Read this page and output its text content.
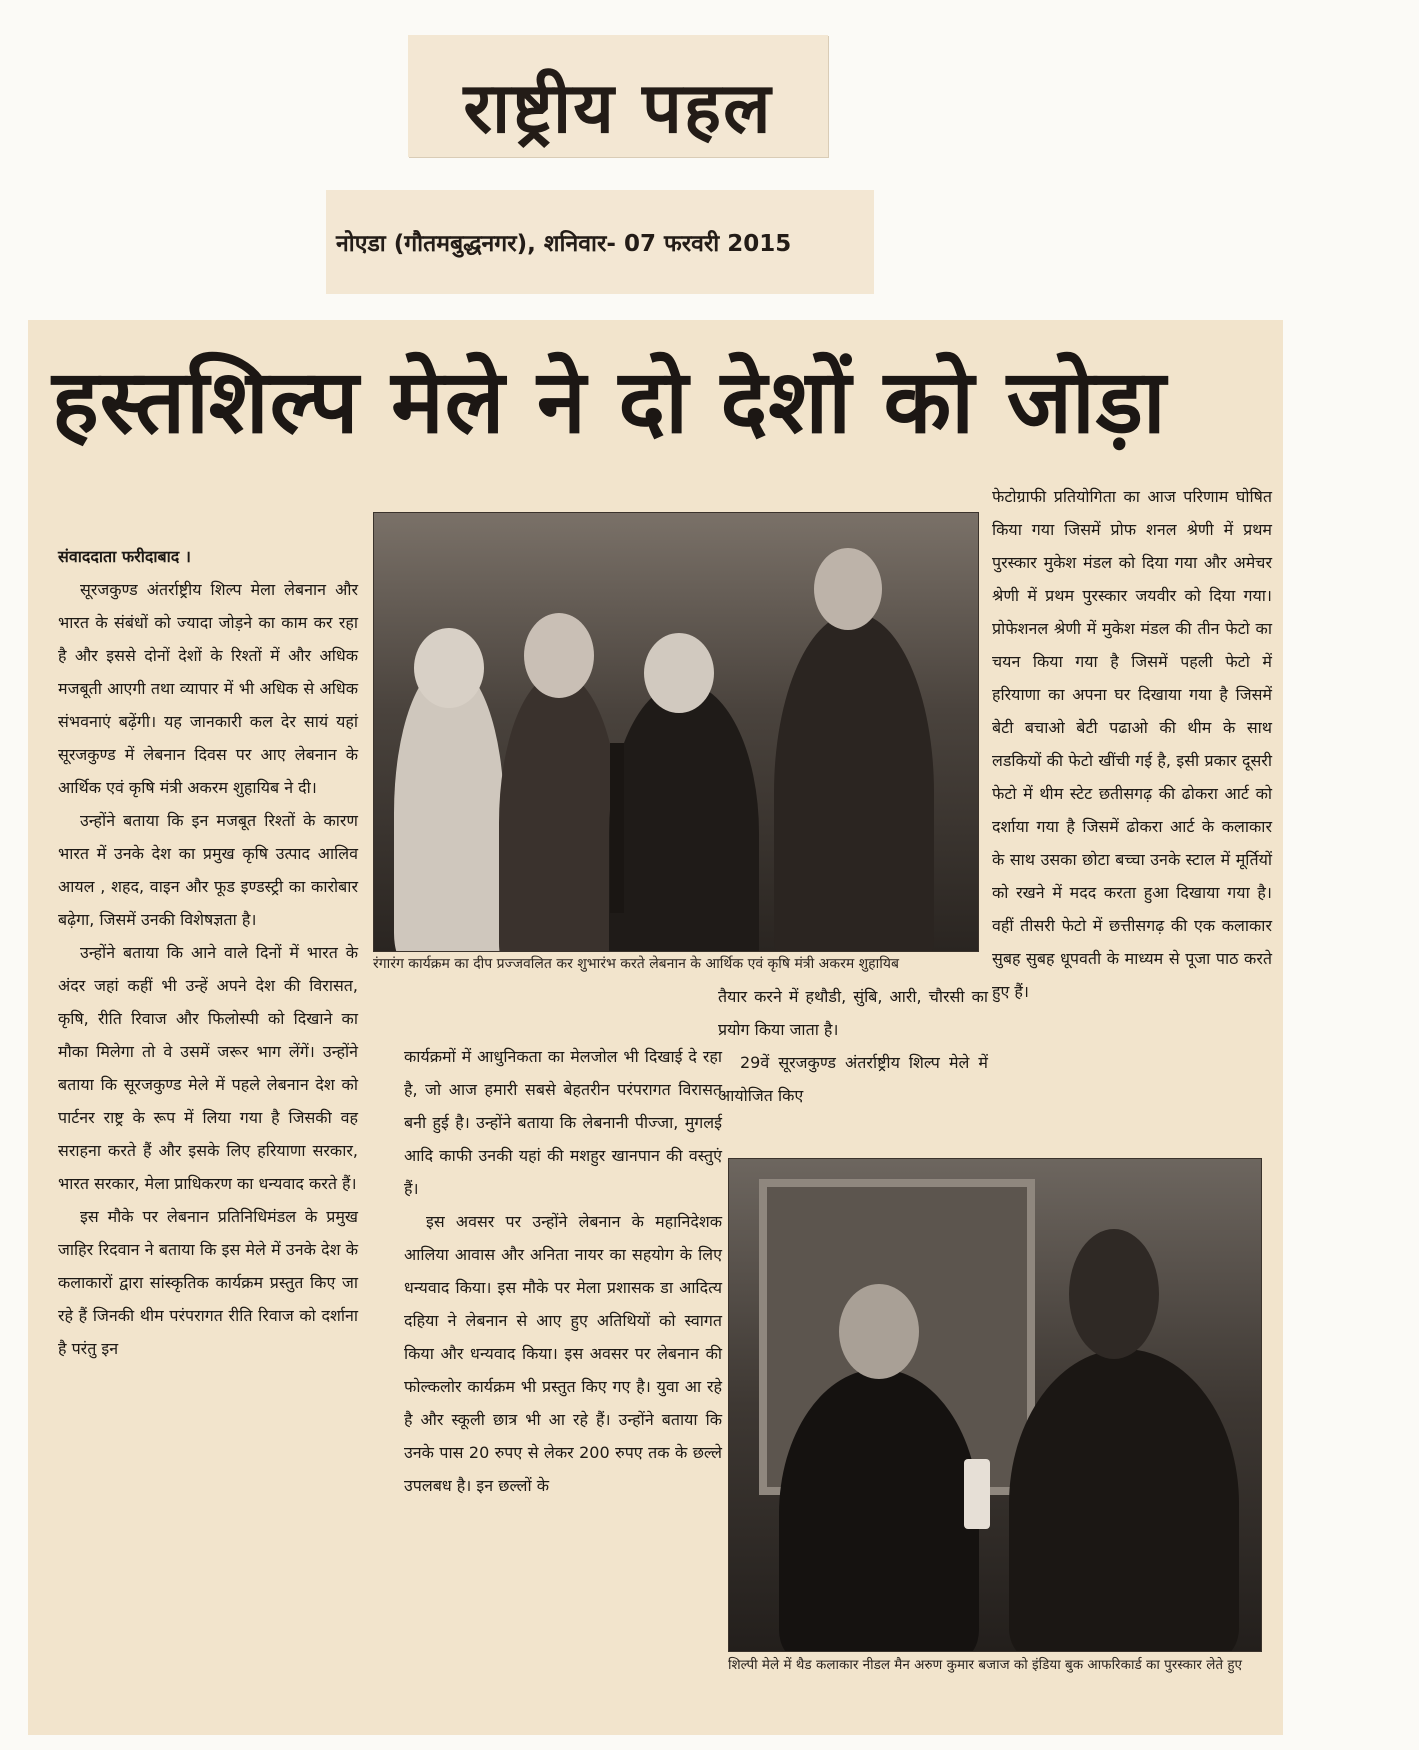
राष्ट्रीय पहल
नोएडा (गौतमबुद्धनगर), शनिवार- 07 फरवरी 2015
हस्तशिल्प मेले ने दो देशों को जोड़ा

संवाददाता फरीदाबाद ।

सूरजकुण्ड अंतर्राष्ट्रीय शिल्प मेला लेबनान और भारत के संबंधों को ज्यादा जोड़ने का काम कर रहा है और इससे दोनों देशों के रिश्तों में और अधिक मजबूती आएगी तथा व्यापार में भी अधिक से अधिक संभवनाएं बढ़ेंगी। यह जानकारी कल देर सायं यहां सूरजकुण्ड में लेबनान दिवस पर आए लेबनान के आर्थिक एवं कृषि मंत्री अकरम शुहायिब ने दी।

उन्होंने बताया कि इन मजबूत रिश्तों के कारण भारत में उनके देश का प्रमुख कृषि उत्पाद आलिव आयल , शहद, वाइन और फूड इण्डस्ट्री का कारोबार बढ़ेगा, जिसमें उनकी विशेषज्ञता है।

उन्होंने बताया कि आने वाले दिनों में भारत के अंदर जहां कहीं भी उन्हें अपने देश की विरासत, कृषि, रीति रिवाज और फिलोस्पी को दिखाने का मौका मिलेगा तो वे उसमें जरूर भाग लेंगें। उन्होंने बताया कि सूरजकुण्ड मेले में पहले लेबनान देश को पार्टनर राष्ट्र के रूप में लिया गया है जिसकी वह सराहना करते हैं और इसके लिए हरियाणा सरकार, भारत सरकार, मेला प्राधिकरण का धन्यवाद करते हैं।

इस मौके पर लेबनान प्रतिनिधिमंडल के प्रमुख जाहिर रिदवान ने बताया कि इस मेले में उनके देश के कलाकारों द्वारा सांस्कृतिक कार्यक्रम प्रस्तुत किए जा रहे हैं जिनकी थीम परंपरागत रीति रिवाज को दर्शाना है परंतु इन

रंगारंग कार्यक्रम का दीप प्रज्जवलित कर शुभारंभ करते लेबनान के आर्थिक एवं कृषि मंत्री अकरम शुहायिब

कार्यक्रमों में आधुनिकता का मेलजोल भी दिखाई दे रहा है, जो आज हमारी सबसे बेहतरीन परंपरागत विरासत बनी हुई है। उन्होंने बताया कि लेबनानी पीज्जा, मुगलई आदि काफी उनकी यहां की मशहुर खानपान की वस्तुएं हैं।

इस अवसर पर उन्होंने लेबनान के महानिदेशक आलिया आवास और अनिता नायर का सहयोग के लिए धन्यवाद किया। इस मौके पर मेला प्रशासक डा आदित्य दहिया ने लेबनान से आए हुए अतिथियों को स्वागत किया और धन्यवाद किया। इस अवसर पर लेबनान की फोल्कलोर कार्यक्रम भी प्रस्तुत किए गए है। युवा आ रहे है और स्कूली छात्र भी आ रहे हैं। उन्होंने बताया कि उनके पास 20 रुपए से लेकर 200 रुपए तक के छल्ले उपलबध है। इन छल्लों के

तैयार करने में हथौडी, सुंबि, आरी, चौरसी का प्रयोग किया जाता है।

29वें सूरजकुण्ड अंतर्राष्ट्रीय शिल्प मेले में आयोजित किए

फेटोग्राफी प्रतियोगिता का आज परिणाम घोषित किया गया जिसमें प्रोफ शनल श्रेणी में प्रथम पुरस्कार मुकेश मंडल को दिया गया और अमेचर श्रेणी में प्रथम पुरस्कार जयवीर को दिया गया। प्रोफेशनल श्रेणी में मुकेश मंडल की तीन फेटो का चयन किया गया है जिसमें पहली फेटो में हरियाणा का अपना घर दिखाया गया है जिसमें बेटी बचाओ बेटी पढाओ की थीम के साथ लडकियों की फेटो खींची गई है, इसी प्रकार दूसरी फेटो में थीम स्टेट छतीसगढ़ की ढोकरा आर्ट को दर्शाया गया है जिसमें ढोकरा आर्ट के कलाकार के साथ उसका छोटा बच्चा उनके स्टाल में मूर्तियों को रखने में मदद करता हुआ दिखाया गया है। वहीं तीसरी फेटो में छत्तीसगढ़ की एक कलाकार सुबह सुबह धूपवती के माध्यम से पूजा पाठ करते हुए हैं।

शिल्पी मेले में थैड कलाकार नीडल मैन अरुण कुमार बजाज को इंडिया बुक आफरिकार्ड का पुरस्कार लेते हुए
